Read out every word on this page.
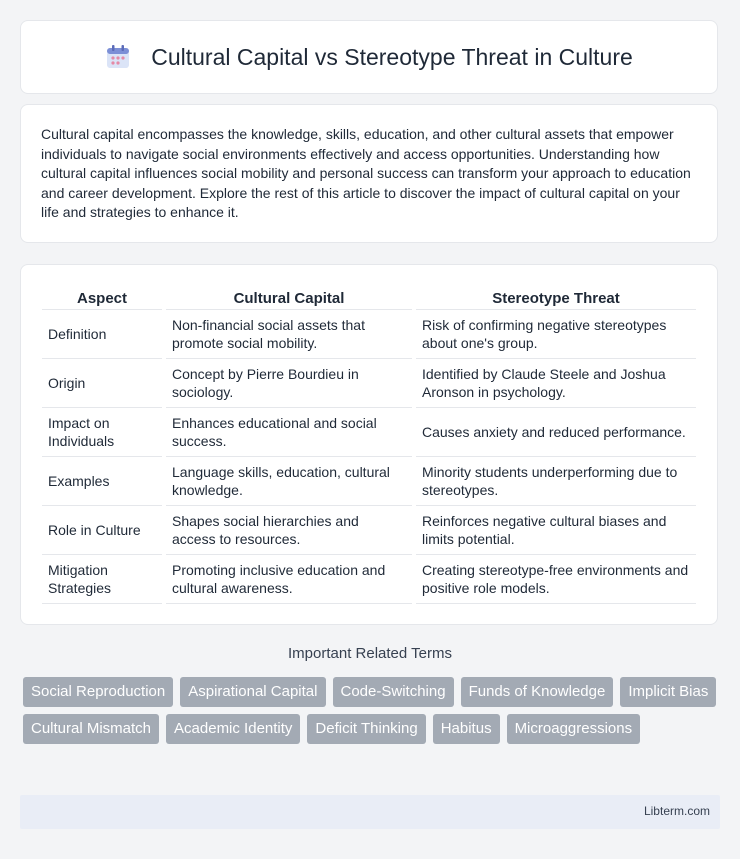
Cultural Capital vs Stereotype Threat in Culture

Cultural capital encompasses the knowledge, skills, education, and other cultural assets that empower individuals to navigate social environments effectively and access opportunities. Understanding how cultural capital influences social mobility and personal success can transform your approach to education and career development. Explore the rest of this article to discover the impact of cultural capital on your life and strategies to enhance it.

Aspect	Cultural Capital	Stereotype Threat
Definition	Non-financial social assets that promote social mobility.	Risk of confirming negative stereotypes about one's group.
Origin	Concept by Pierre Bourdieu in sociology.	Identified by Claude Steele and Joshua Aronson in psychology.
Impact on Individuals	Enhances educational and social success.	Causes anxiety and reduced performance.
Examples	Language skills, education, cultural knowledge.	Minority students underperforming due to stereotypes.
Role in Culture	Shapes social hierarchies and access to resources.	Reinforces negative cultural biases and limits potential.
Mitigation Strategies	Promoting inclusive education and cultural awareness.	Creating stereotype-free environments and positive role models.
Important Related Terms
Social Reproduction	Aspirational Capital	Code-Switching	Funds of Knowledge	Implicit Bias
Cultural Mismatch	Academic Identity	Deficit Thinking	Habitus	Microaggressions
Libterm.com
